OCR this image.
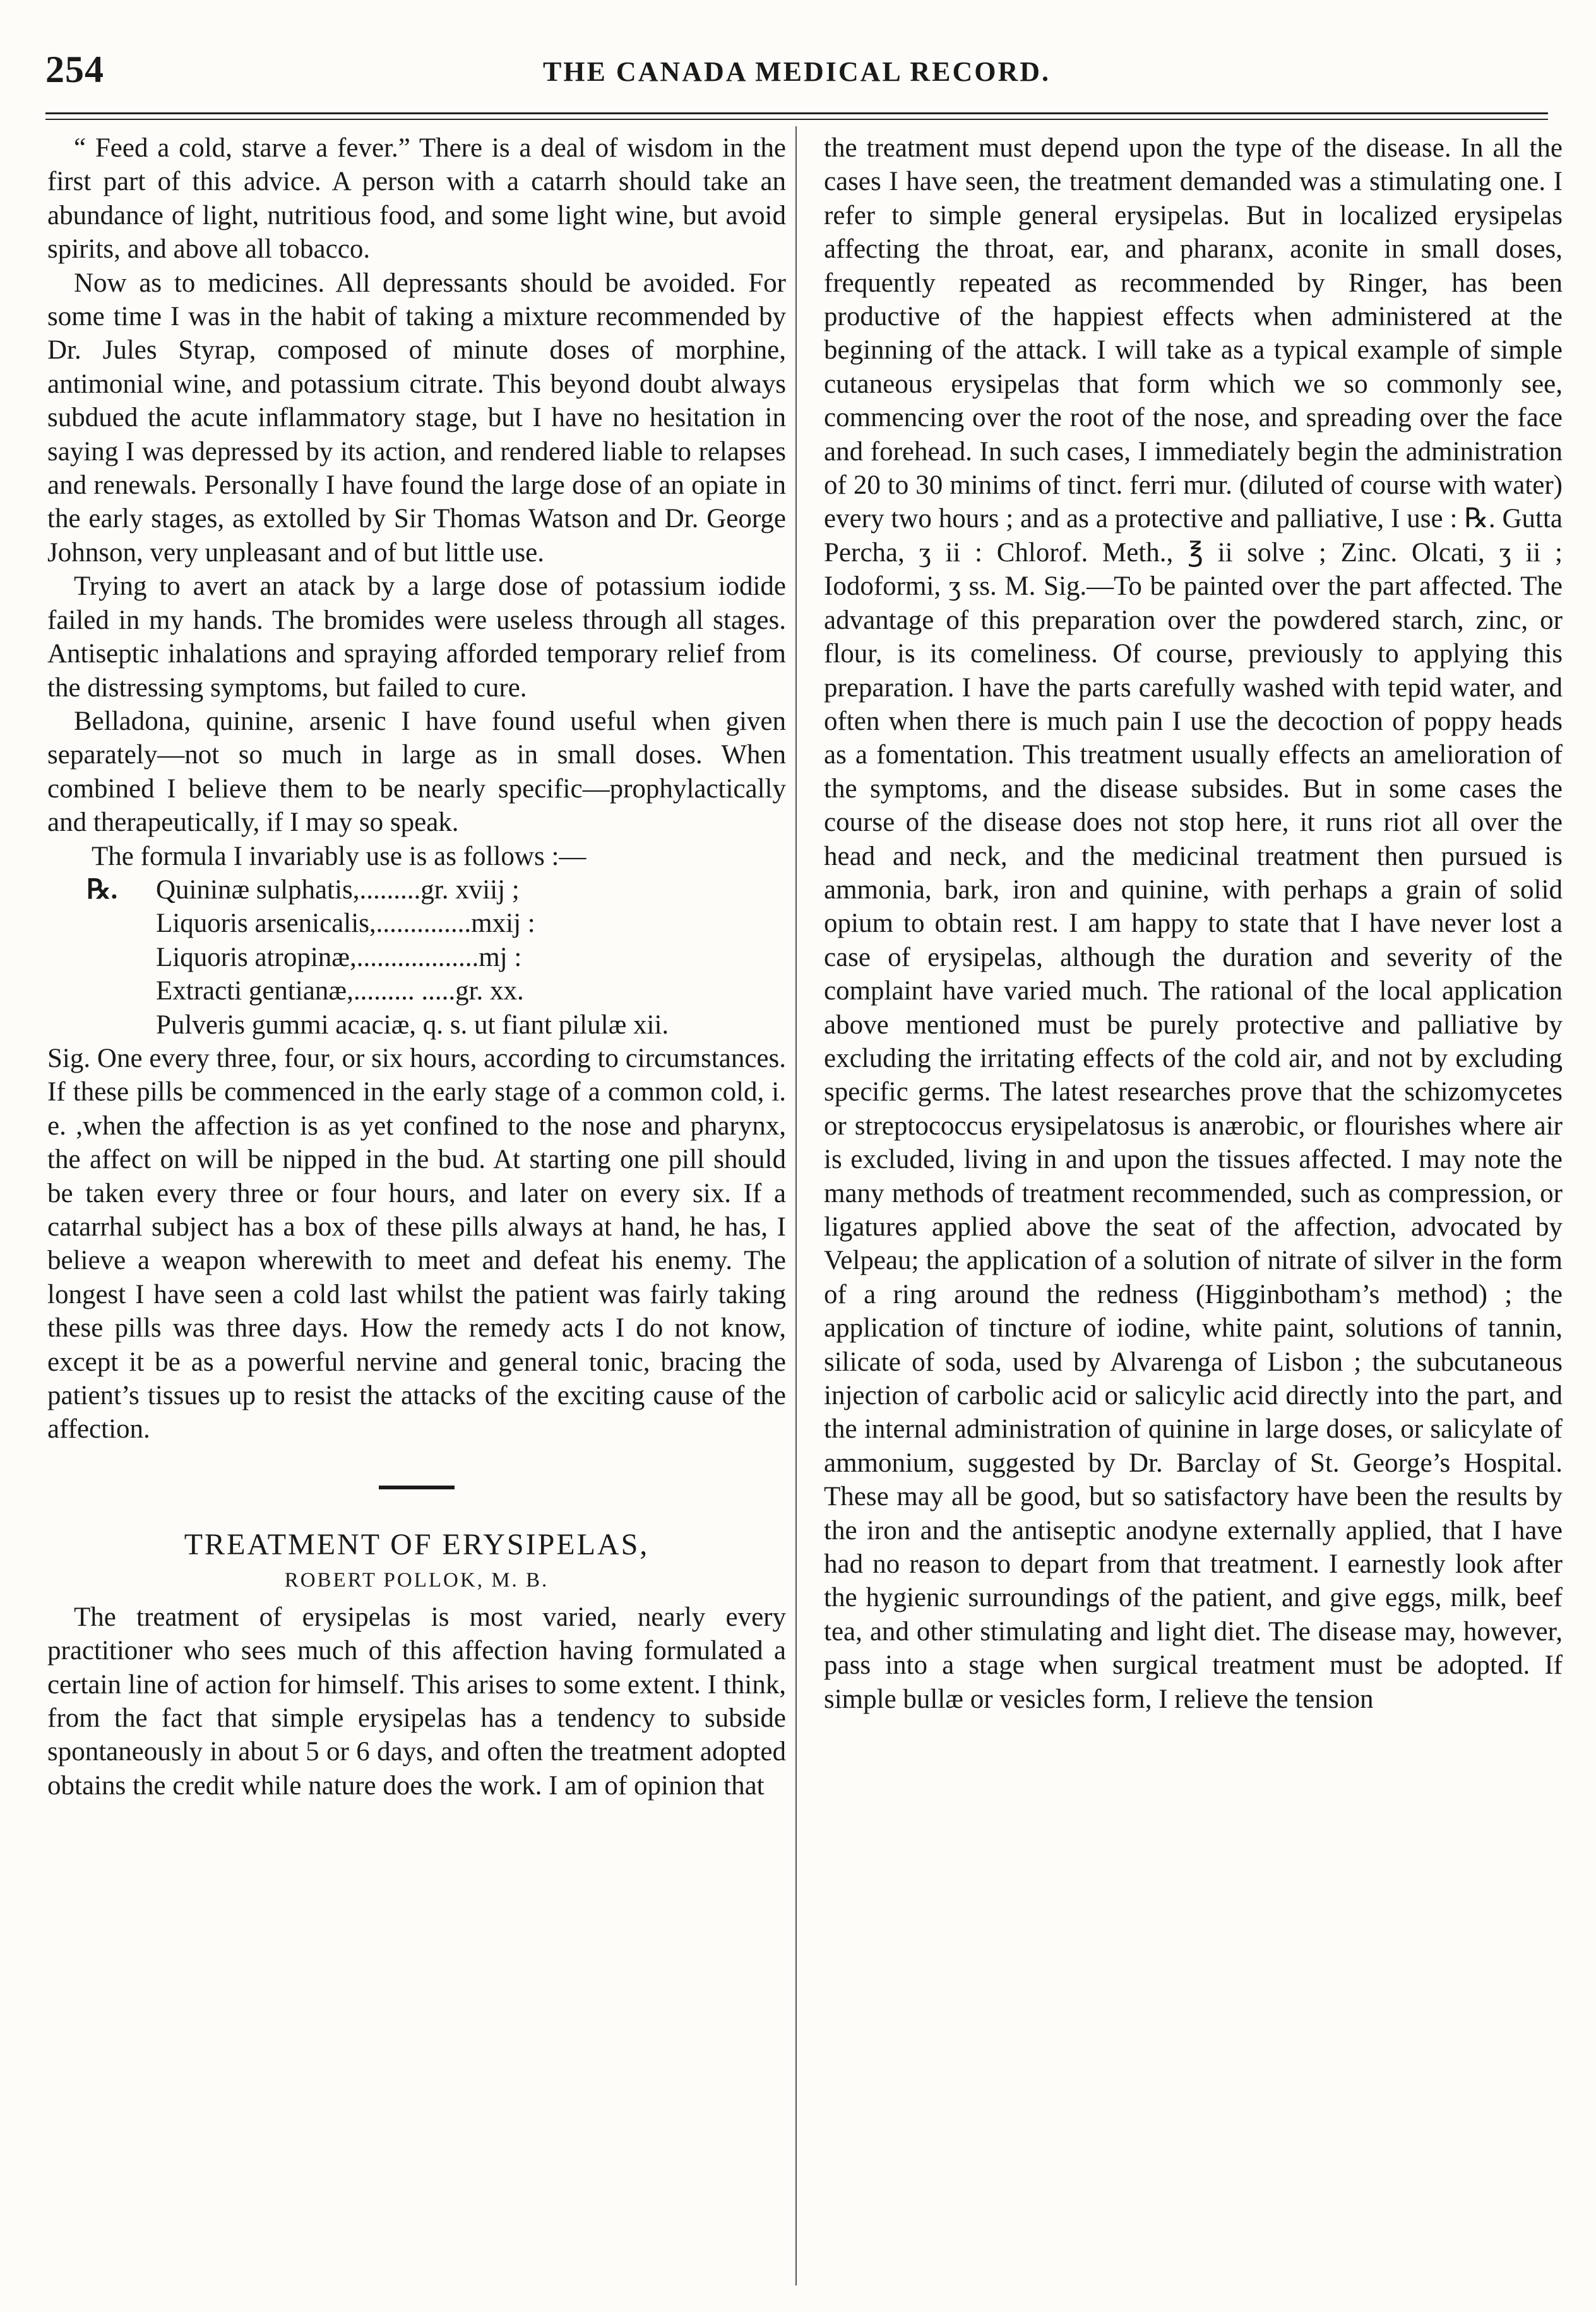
254	THE CANADA MEDICAL RECORD.

“ Feed a cold, starve a fever.” There is a deal of wisdom in the first part of this advice. A person with a catarrh should take an abundance of light, nutritious food, and some light wine, but avoid spirits, and above all tobacco.

Now as to medicines. All depressants should be avoided. For some time I was in the habit of taking a mixture recommended by Dr. Jules Styrap, composed of minute doses of morphine, antimonial wine, and potassium citrate. This beyond doubt always subdued the acute inflammatory stage, but I have no hesitation in saying I was depressed by its action, and rendered liable to relapses and renewals. Personally I have found the large dose of an opiate in the early stages, as extolled by Sir Thomas Watson and Dr. George Johnson, very unpleasant and of but little use.

Trying to avert an atack by a large dose of potassium iodide failed in my hands. The bromides were useless through all stages. Antiseptic inhalations and spraying afforded temporary relief from the distressing symptoms, but failed to cure.

Belladona, quinine, arsenic I have found useful when given separately—not so much in large as in small doses. When combined I believe them to be nearly specific—prophylactically and therapeutically, if I may so speak.

The formula I invariably use is as follows :—

℞.	Quininæ sulphatis,.........gr. xviij ;
Liquoris arsenicalis,..............mxij :
Liquoris atropinæ,..................mj :
Extracti gentianæ,......... .....gr. xx.
Pulveris gummi acaciæ, q. s. ut fiant pilulæ xii.

Sig. One every three, four, or six hours, according to circumstances. If these pills be commenced in the early stage of a common cold, i. e. ,when the affection is as yet confined to the nose and pharynx, the affect on will be nipped in the bud. At starting one pill should be taken every three or four hours, and later on every six. If a catarrhal subject has a box of these pills always at hand, he has, I believe a weapon wherewith to meet and defeat his enemy. The longest I have seen a cold last whilst the patient was fairly taking these pills was three days. How the remedy acts I do not know, except it be as a powerful nervine and general tonic, bracing the patient’s tissues up to resist the attacks of the exciting cause of the affection.

TREATMENT OF ERYSIPELAS,
ROBERT POLLOK, M. B.

The treatment of erysipelas is most varied, nearly every practitioner who sees much of this affection having formulated a certain line of action for himself. This arises to some extent. I think, from the fact that simple erysipelas has a tendency to subside spontaneously in about 5 or 6 days, and often the treatment adopted obtains the credit while nature does the work. I am of opinion that

the treatment must depend upon the type of the disease. In all the cases I have seen, the treatment demanded was a stimulating one. I refer to simple general erysipelas. But in localized erysipelas affecting the throat, ear, and pharanx, aconite in small doses, frequently repeated as recommended by Ringer, has been productive of the happiest effects when administered at the beginning of the attack. I will take as a typical example of simple cutaneous erysipelas that form which we so commonly see, commencing over the root of the nose, and spreading over the face and forehead. In such cases, I immediately begin the administration of 20 to 30 minims of tinct. ferri mur. (diluted of course with water) every two hours ; and as a protective and palliative, I use : ℞. Gutta Percha, ʒ ii : Chlorof. Meth., ℥ ii solve ; Zinc. Olcati, ʒ ii ; Iodoformi, ʒ ss. M. Sig.—To be painted over the part affected. The advantage of this preparation over the powdered starch, zinc, or flour, is its comeliness. Of course, previously to applying this preparation. I have the parts carefully washed with tepid water, and often when there is much pain I use the decoction of poppy heads as a fomentation. This treatment usually effects an amelioration of the symptoms, and the disease subsides. But in some cases the course of the disease does not stop here, it runs riot all over the head and neck, and the medicinal treatment then pursued is ammonia, bark, iron and quinine, with perhaps a grain of solid opium to obtain rest. I am happy to state that I have never lost a case of erysipelas, although the duration and severity of the complaint have varied much. The rational of the local application above mentioned must be purely protective and palliative by excluding the irritating effects of the cold air, and not by excluding specific germs. The latest researches prove that the schizomycetes or streptococcus erysipelatosus is anærobic, or flourishes where air is excluded, living in and upon the tissues affected. I may note the many methods of treatment recommended, such as compression, or ligatures applied above the seat of the affection, advocated by Velpeau; the application of a solution of nitrate of silver in the form of a ring around the redness (Higginbotham’s method) ; the application of tincture of iodine, white paint, solutions of tannin, silicate of soda, used by Alvarenga of Lisbon ; the subcutaneous injection of carbolic acid or salicylic acid directly into the part, and the internal administration of quinine in large doses, or salicylate of ammonium, suggested by Dr. Barclay of St. George’s Hospital. These may all be good, but so satisfactory have been the results by the iron and the antiseptic anodyne externally applied, that I have had no reason to depart from that treatment. I earnestly look after the hygienic surroundings of the patient, and give eggs, milk, beef tea, and other stimulating and light diet. The disease may, however, pass into a stage when surgical treatment must be adopted. If simple bullæ or vesicles form, I relieve the tension
